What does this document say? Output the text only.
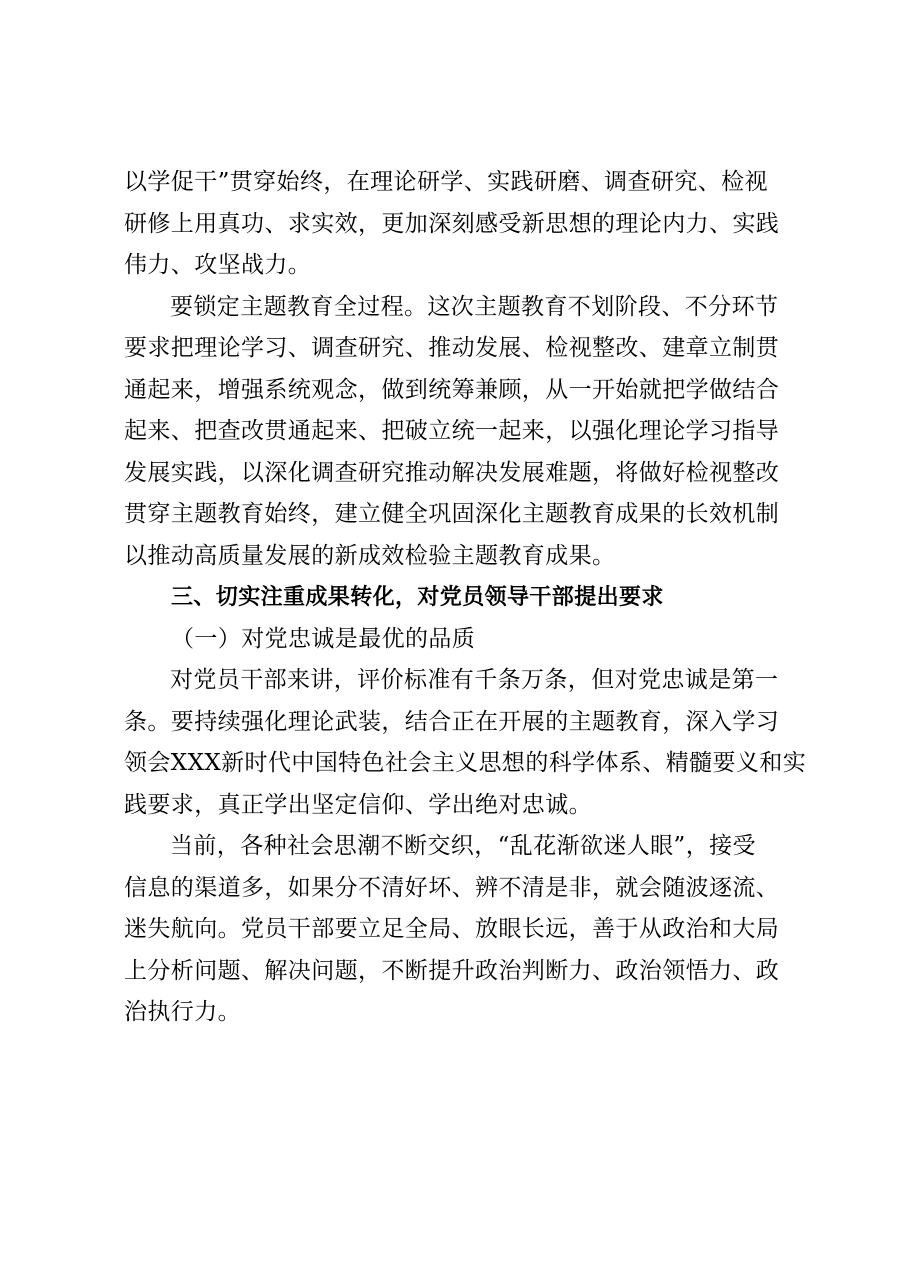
以学促干”贯穿始终，在理论研学、实践研磨、调查研究、检视
研修上用真功、求实效，更加深刻感受新思想的理论内力、实践
伟力、攻坚战力。

要锁定主题教育全过程。这次主题教育不划阶段、不分环节
要求把理论学习、调查研究、推动发展、检视整改、建章立制贯
通起来，增强系统观念，做到统筹兼顾，从一开始就把学做结合
起来、把查改贯通起来、把破立统一起来，以强化理论学习指导
发展实践，以深化调查研究推动解决发展难题，将做好检视整改
贯穿主题教育始终，建立健全巩固深化主题教育成果的长效机制
以推动高质量发展的新成效检验主题教育成果。

三、切实注重成果转化，对党员领导干部提出要求

（一）对党忠诚是最优的品质

对党员干部来讲，评价标准有千条万条，但对党忠诚是第一
条。要持续强化理论武装，结合正在开展的主题教育，深入学习
领会XXX新时代中国特色社会主义思想的科学体系、精髓要义和实
践要求，真正学出坚定信仰、学出绝对忠诚。

当前，各种社会思潮不断交织，“乱花渐欲迷人眼”，接受
信息的渠道多，如果分不清好坏、辨不清是非，就会随波逐流、
迷失航向。党员干部要立足全局、放眼长远，善于从政治和大局
上分析问题、解决问题，不断提升政治判断力、政治领悟力、政
治执行力。
